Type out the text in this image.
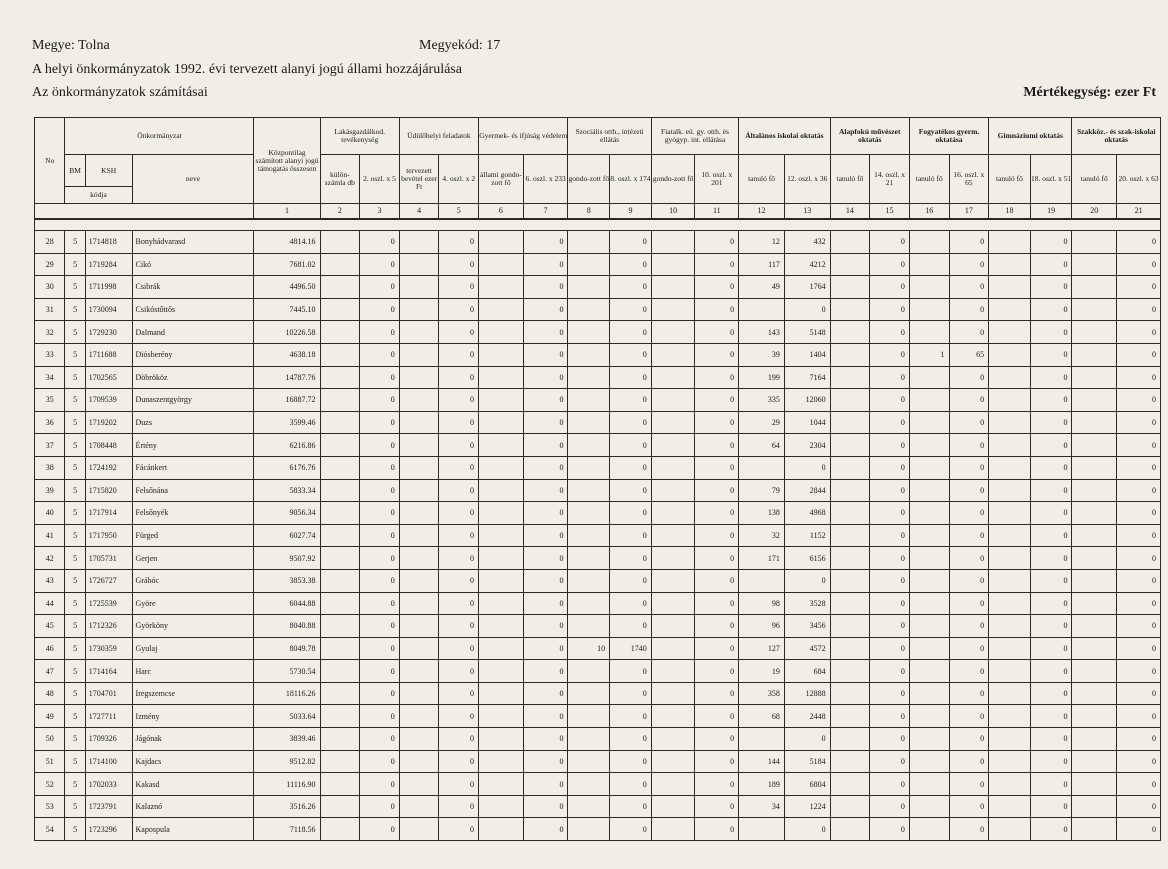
Megye: Tolna	Megyekód: 17
A helyi önkormányzatok 1992. évi tervezett alanyi jogú állami hozzájárulása
Az önkormányzatok számításai	Mértékegység: ezer Ft
No	Önkormányzat			Központilag számított alanyi jogú támogatás összesen	Lakásgazdálkod. tevékenység		Üdülőhelyi feladatok		Gyermek- és ifjúság védelem		Szociális otth., intézeti ellátás		Fiatalk. eü. gy. otth. és gyógyp. int. ellátása		Általános iskolai oktatás		Alapfokú művészet oktatás		Fogyatékos gyerm. oktatása		Gimnáziumi oktatás		Szakköz.- és szak-iskolai oktatás	
	BM	KSH	neve		külön-számla db	2. oszl. x 5	tervezett bevétel ezer Ft	4. oszl. x 2	állami gondo-zott fő	6. oszl. x 233	gondo-zott fő	8. oszl. x 174	gondo-zott fő	10. oszl. x 201	tanuló fő	12. oszl. x 36	tanuló fő	14. oszl. x 21	tanuló fő	16. oszl. x 65	tanuló fő	18. oszl. x 51	tanuló fő	20. oszl. x 63
	kódja																							
				1	2	3	4	5	6	7	8	9	10	11	12	13	14	15	16	17	18	19	20	21

28	5	1714818	Bonyhádvarasd	4814.16		0		0		0		0		0	12	432		0		0		0		0
29	5	1719284	Cikó	7681.02		0		0		0		0		0	117	4212		0		0		0		0
30	5	1711998	Csibrák	4496.50		0		0		0		0		0	49	1764		0		0		0		0
31	5	1730094	Csikóstőttős	7445.10		0		0		0		0		0		0		0		0		0		0
32	5	1729230	Dalmand	10226.58		0		0		0		0		0	143	5148		0		0		0		0
33	5	1711688	Diósberény	4638.18		0		0		0		0		0	39	1404		0	1	65		0		0
34	5	1702565	Döbrököz	14787.76		0		0		0		0		0	199	7164		0		0		0		0
35	5	1709539	Dunaszentgyörgy	16887.72		0		0		0		0		0	335	12060		0		0		0		0
36	5	1719202	Duzs	3599.46		0		0		0		0		0	29	1044		0		0		0		0
37	5	1708448	Értény	6216.86		0		0		0		0		0	64	2304		0		0		0		0
38	5	1724192	Fácánkert	6176.76		0		0		0		0		0		0		0		0		0		0
39	5	1715820	Felsőnána	5833.34		0		0		0		0		0	79	2844		0		0		0		0
40	5	1717914	Felsőnyék	9056.34		0		0		0		0		0	138	4968		0		0		0		0
41	5	1717950	Fürged	6027.74		0		0		0		0		0	32	1152		0		0		0		0
42	5	1705731	Gerjen	9507.92		0		0		0		0		0	171	6156		0		0		0		0
43	5	1726727	Grábóc	3853.38		0		0		0		0		0		0		0		0		0		0
44	5	1725539	Györe	6044.88		0		0		0		0		0	98	3528		0		0		0		0
45	5	1712326	Györköny	8040.88		0		0		0		0		0	96	3456		0		0		0		0
46	5	1730359	Gyulaj	8049.78		0		0		0	10	1740		0	127	4572		0		0		0		0
47	5	1714164	Harc	5730.54		0		0		0		0		0	19	684		0		0		0		0
48	5	1704701	Iregszemcse	18116.26		0		0		0		0		0	358	12888		0		0		0		0
49	5	1727711	Izmény	5033.64		0		0		0		0		0	68	2448		0		0		0		0
50	5	1709326	Jágónak	3839.46		0		0		0		0		0		0		0		0		0		0
51	5	1714100	Kajdacs	9512.82		0		0		0		0		0	144	5184		0		0		0		0
52	5	1702033	Kakasd	11116.90		0		0		0		0		0	189	6804		0		0		0		0
53	5	1723791	Kalaznó	3516.26		0		0		0		0		0	34	1224		0		0		0		0
54	5	1723296	Kapospula	7118.56		0		0		0		0		0		0		0		0		0		0
